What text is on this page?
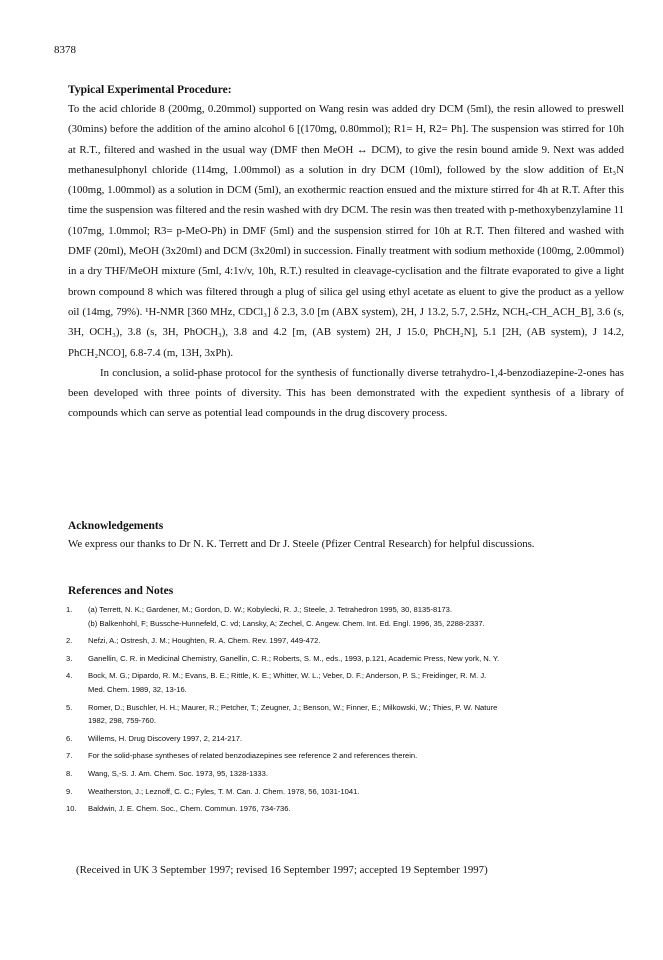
8378

Typical Experimental Procedure:

To the acid chloride 8 (200mg, 0.20mmol) supported on Wang resin was added dry DCM (5ml), the resin allowed to preswell (30mins) before the addition of the amino alcohol 6 [(170mg, 0.80mmol); R1= H, R2= Ph]. The suspension was stirred for 10h at R.T., filtered and washed in the usual way (DMF then MeOH ↔ DCM), to give the resin bound amide 9. Next was added methanesulphonyl chloride (114mg, 1.00mmol) as a solution in dry DCM (10ml), followed by the slow addition of Et₃N (100mg, 1.00mmol) as a solution in DCM (5ml), an exothermic reaction ensued and the mixture stirred for 4h at R.T. After this time the suspension was filtered and the resin washed with dry DCM. The resin was then treated with p-methoxybenzylamine 11 (107mg, 1.0mmol; R3= p-MeO-Ph) in DMF (5ml) and the suspension stirred for 10h at R.T. Then filtered and washed with DMF (20ml), MeOH (3x20ml) and DCM (3x20ml) in succession. Finally treatment with sodium methoxide (100mg, 2.00mmol) in a dry THF/MeOH mixture (5ml, 4:1v/v, 10h, R.T.) resulted in cleavage-cyclisation and the filtrate evaporated to give a light brown compound 8 which was filtered through a plug of silica gel using ethyl acetate as eluent to give the product as a yellow oil (14mg, 79%). ¹H-NMR [360 MHz, CDCl₃] δ 2.3, 3.0 [m (ABX system), 2H, J 13.2, 5.7, 2.5Hz, NCHₓ-CH_ACH_B], 3.6 (s, 3H, OCH₃), 3.8 (s, 3H, PhOCH₃), 3.8 and 4.2 [m, (AB system) 2H, J 15.0, PhCH₂N], 5.1 [2H, (AB system), J 14.2, PhCH₂NCO], 6.8-7.4 (m, 13H, 3xPh).

In conclusion, a solid-phase protocol for the synthesis of functionally diverse tetrahydro-1,4-benzodiazepine-2-ones has been developed with three points of diversity. This has been demonstrated with the expedient synthesis of a library of compounds which can serve as potential lead compounds in the drug discovery process.

Acknowledgements

We express our thanks to Dr N. K. Terrett and Dr J. Steele (Pfizer Central Research) for helpful discussions.

References and Notes

1. (a) Terrett, N. K.; Gardener, M.; Gordon, D. W.; Kobylecki, R. J.; Steele, J. Tetrahedron 1995, 30, 8135-8173.
(b) Balkenhohl, F; Bussche-Hunnefeld, C. vd; Lansky, A; Zechel, C. Angew. Chem. Int. Ed. Engl. 1996, 35, 2288-2337.
2. Nefzi, A.; Ostresh, J. M.; Houghten, R. A. Chem. Rev. 1997, 449-472.
3. Ganellin, C. R. in Medicinal Chemistry, Ganellin, C. R.; Roberts, S. M., eds., 1993, p.121, Academic Press, New york, N. Y.
4. Bock, M. G.; Dipardo, R. M.; Evans, B. E.; Rittle, K. E.; Whitter, W. L.; Veber, D. F.; Anderson, P. S.; Freidinger, R. M. J.
Med. Chem. 1989, 32, 13-16.
5. Romer, D.; Buschler, H. H.; Maurer, R.; Petcher, T.; Zeugner, J.; Benson, W.; Finner, E.; Milkowski, W.; Thies, P. W. Nature
1982, 298, 759-760.
6. Willems, H. Drug Discovery 1997, 2, 214-217.
7. For the solid-phase syntheses of related benzodiazepines see reference 2 and references therein.
8. Wang, S,-S. J. Am. Chem. Soc. 1973, 95, 1328-1333.
9. Weatherston, J.; Leznoff, C. C.; Fyles, T. M. Can. J. Chem. 1978, 56, 1031-1041.
10. Baldwin, J. E. Chem. Soc., Chem. Commun. 1976, 734-736.
(Received in UK 3 September 1997; revised 16 September 1997; accepted 19 September 1997)
